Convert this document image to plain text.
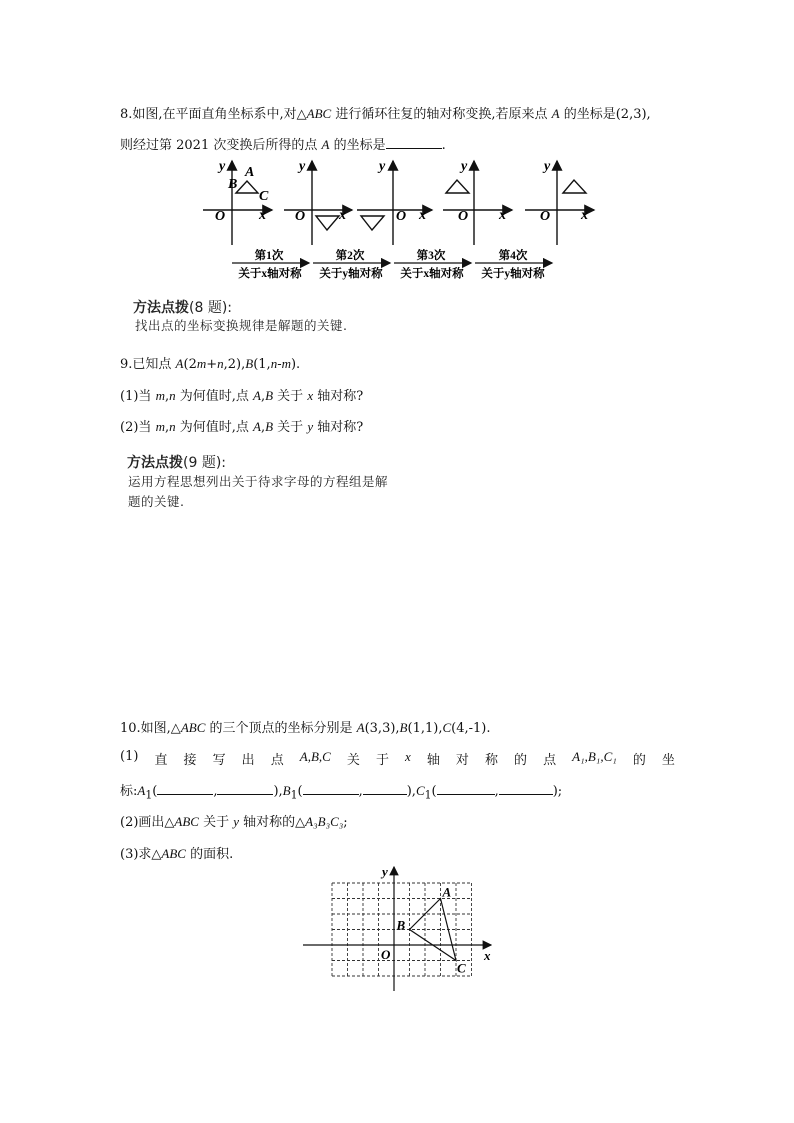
8.如图,在平面直角坐标系中,对△ABC 进行循环往复的轴对称变换,若原来点 A 的坐标是(2,3),
则经过第 2021 次变换后所得的点 A 的坐标是	.
y
x
O
B
A
C
y
x
O
y
x
O
y
x
O
y
x
O
第1次
关于x轴对称
第2次
关于y轴对称
第3次
关于x轴对称
第4次
关于y轴对称
方法点拨(8 题):
找出点的坐标变换规律是解题的关键.
9.已知点 A(2m+n,2),B(1,n-m).
(1)当 m,n 为何值时,点 A,B 关于 x 轴对称?
(2)当 m,n 为何值时,点 A,B 关于 y 轴对称?
方法点拨(9 题):
运用方程思想列出关于待求字母的方程组是解
题的关键.
10.如图,△ABC 的三个顶点的坐标分别是 A(3,3),B(1,1),C(4,-1).
(1) 直 接 写 出 点 A,B,C 关 于 x 轴 对 称 的 点 A₁,B₁,C₁ 的 坐
标$:A_1$(	,	)$,B_1$(	,	)$,C_1$(	,	);
(2)画出△ABC 关于 y 轴对称的△A₃B₃C₃;
(3)求△ABC 的面积.
y
x
O
A
B
C
